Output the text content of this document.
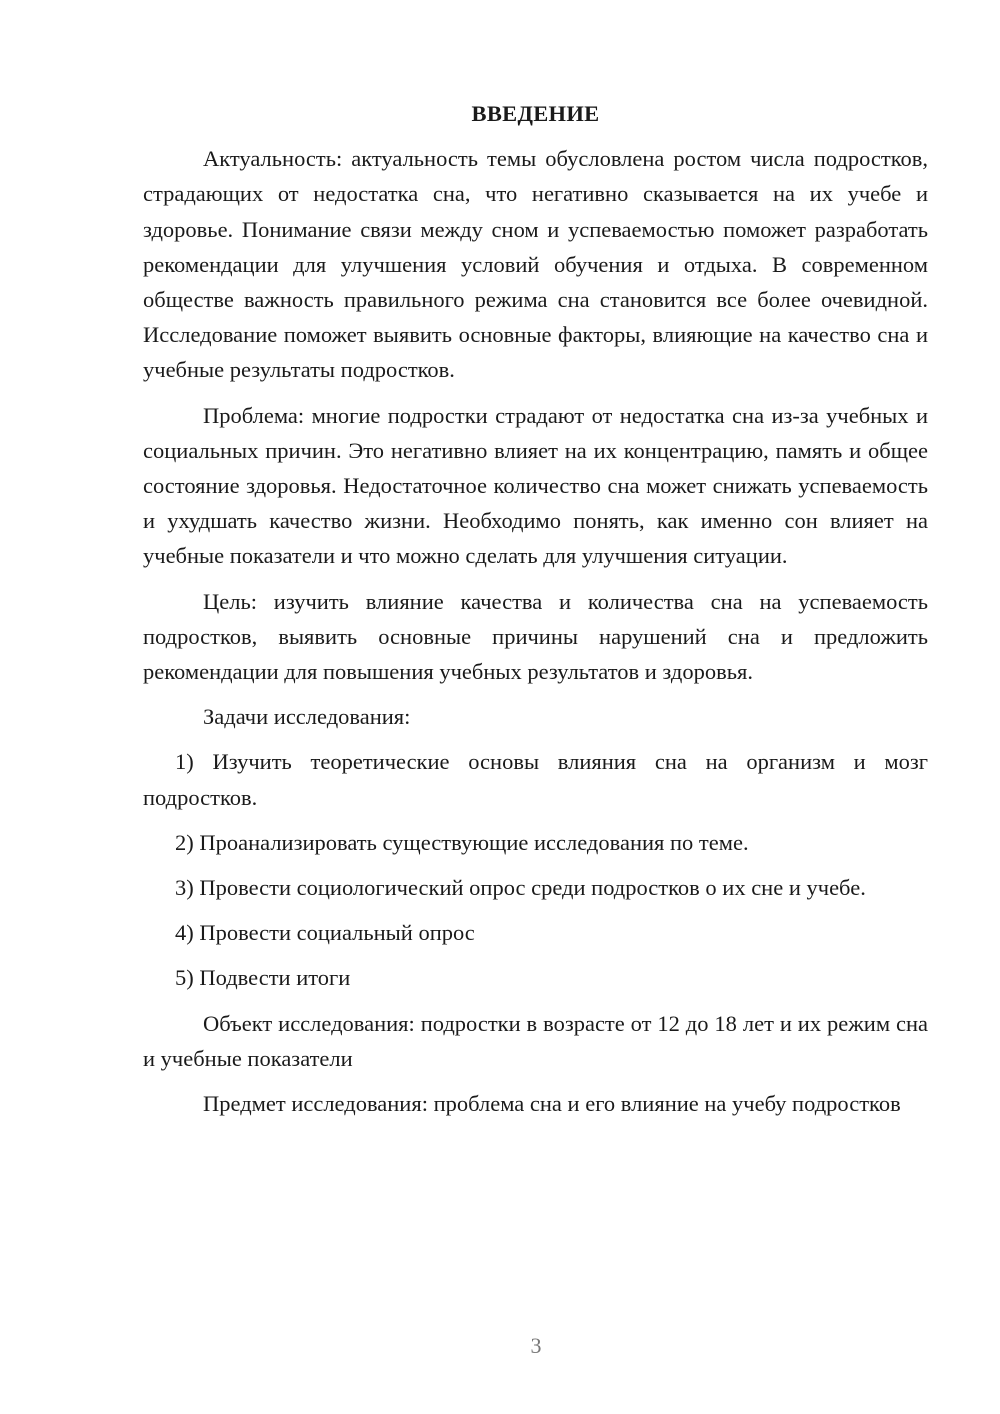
ВВЕДЕНИЕ

Актуальность: актуальность темы обусловлена ростом числа подростков, страдающих от недостатка сна, что негативно сказывается на их учебе и здоровье. Понимание связи между сном и успеваемостью поможет разработать рекомендации для улучшения условий обучения и отдыха. В современном обществе важность правильного режима сна становится все более очевидной. Исследование поможет выявить основные факторы, влияющие на качество сна и учебные результаты подростков.

Проблема: многие подростки страдают от недостатка сна из-за учебных и социальных причин. Это негативно влияет на их концентрацию, память и общее состояние здоровья. Недостаточное количество сна может снижать успеваемость и ухудшать качество жизни. Необходимо понять, как именно сон влияет на учебные показатели и что можно сделать для улучшения ситуации.

Цель: изучить влияние качества и количества сна на успеваемость подростков, выявить основные причины нарушений сна и предложить рекомендации для повышения учебных результатов и здоровья.

Задачи исследования:

1) Изучить теоретические основы влияния сна на организм и мозг подростков.

2) Проанализировать существующие исследования по теме.

3) Провести социологический опрос среди подростков о их сне и учебе.

4) Провести социальный опрос

5) Подвести итоги

Объект исследования: подростки в возрасте от 12 до 18 лет и их режим сна и учебные показатели

Предмет исследования: проблема сна и его влияние на учебу подростков

3
